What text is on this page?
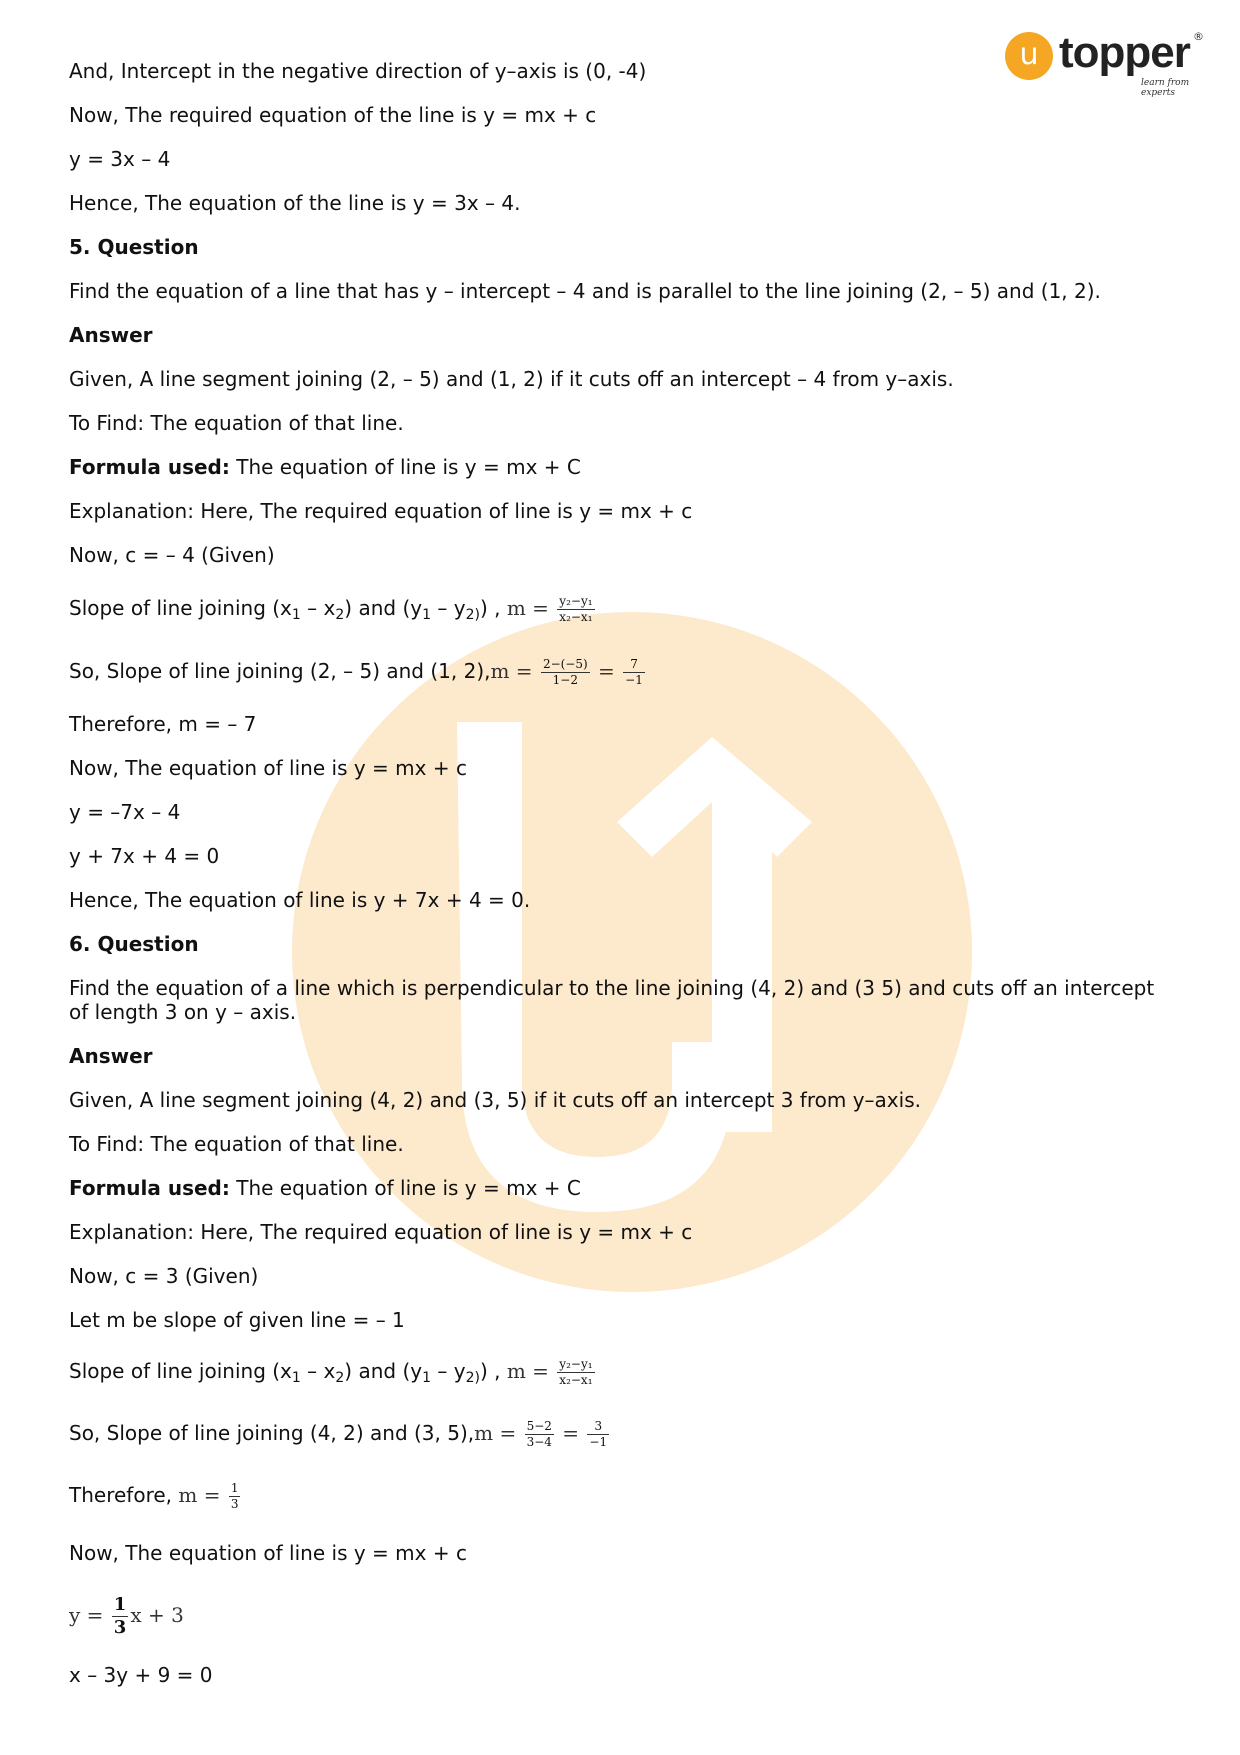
u topper ®
learn from experts

And, Intercept in the negative direction of y–axis is (0, -4)

Now, The required equation of the line is y = mx + c

y = 3x – 4

Hence, The equation of the line is y = 3x – 4.

5. Question

Find the equation of a line that has y – intercept – 4 and is parallel to the line joining (2, – 5) and (1, 2).

Answer

Given, A line segment joining (2, – 5) and (1, 2) if it cuts off an intercept – 4 from y–axis.

To Find: The equation of that line.

Formula used: The equation of line is y = mx + C

Explanation: Here, The required equation of line is y = mx + c

Now, c = – 4 (Given)

Slope of line joining $(x_1 - x_2)$ and $(y_1 - y_{2)})$ , $m = \frac{\text{y₂−y₁}}{\text{x₂−x₁}}$

So, Slope of line joining (2, – 5) and (1, $2),m = \frac{2-(-5)}{1-2} = \frac{7}{-1}$

Therefore, m = – 7

Now, The equation of line is y = mx + c

y = –7x – 4

y + 7x + 4 = 0

Hence, The equation of line is y + 7x + 4 = 0.

6. Question

Find the equation of a line which is perpendicular to the line joining (4, 2) and (3 5) and cuts off an intercept of length 3 on y – axis.

Answer

Given, A line segment joining (4, 2) and (3, 5) if it cuts off an intercept 3 from y–axis.

To Find: The equation of that line.

Formula used: The equation of line is y = mx + C

Explanation: Here, The required equation of line is y = mx + c

Now, c = 3 (Given)

Let m be slope of given line = – 1

Slope of line joining $(x_1 - x_2)$ and $(y_1 - y_{2)})$ , $m = \frac{\text{y₂−y₁}}{\text{x₂−x₁}}$

So, Slope of line joining (4, 2) and (3, $5),m = \frac{5-2}{3-4} = \frac{3}{-1}$

Therefore, $m = \frac{1}{3}$

Now, The equation of line is y = mx + c

$y = \frac{1}{3}$ x + 3

x – 3y + 9 = 0
